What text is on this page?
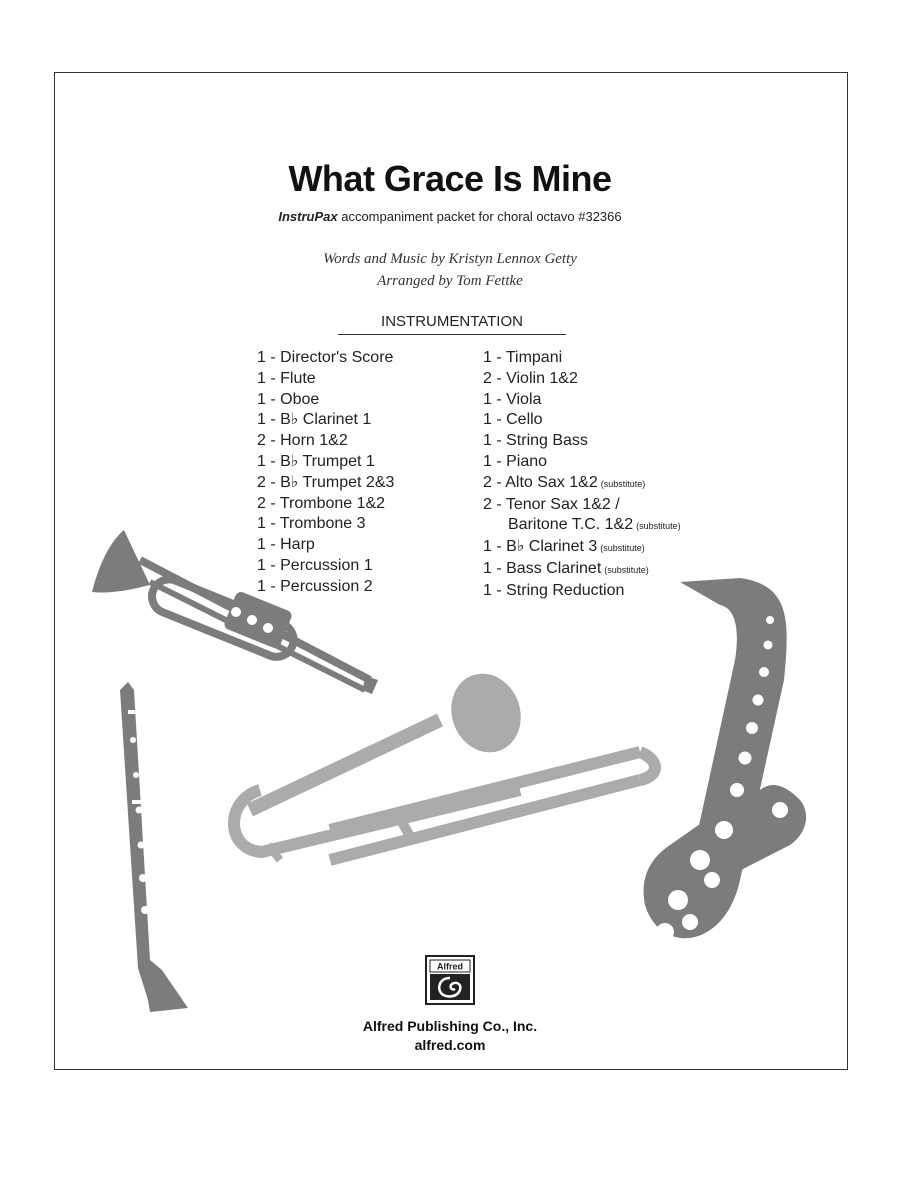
What Grace Is Mine
InstruPax accompaniment packet for choral octavo #32366
Words and Music by Kristyn Lennox Getty
Arranged by Tom Fettke
INSTRUMENTATION
1 - Director's Score
1 - Flute
1 - Oboe
1 - B♭ Clarinet 1
2 - Horn 1&2
1 - B♭ Trumpet 1
2 - B♭ Trumpet 2&3
2 - Trombone 1&2
1 - Trombone 3
1 - Harp
1 - Percussion 1
1 - Percussion 2
1 - Timpani
2 - Violin 1&2
1 - Viola
1 - Cello
1 - String Bass
1 - Piano
2 - Alto Sax 1&2 (substitute)
2 - Tenor Sax 1&2 /
Baritone T.C. 1&2 (substitute)
1 - B♭ Clarinet 3 (substitute)
1 - Bass Clarinet (substitute)
1 - String Reduction
Alfred
Alfred Publishing Co., Inc.
alfred.com
